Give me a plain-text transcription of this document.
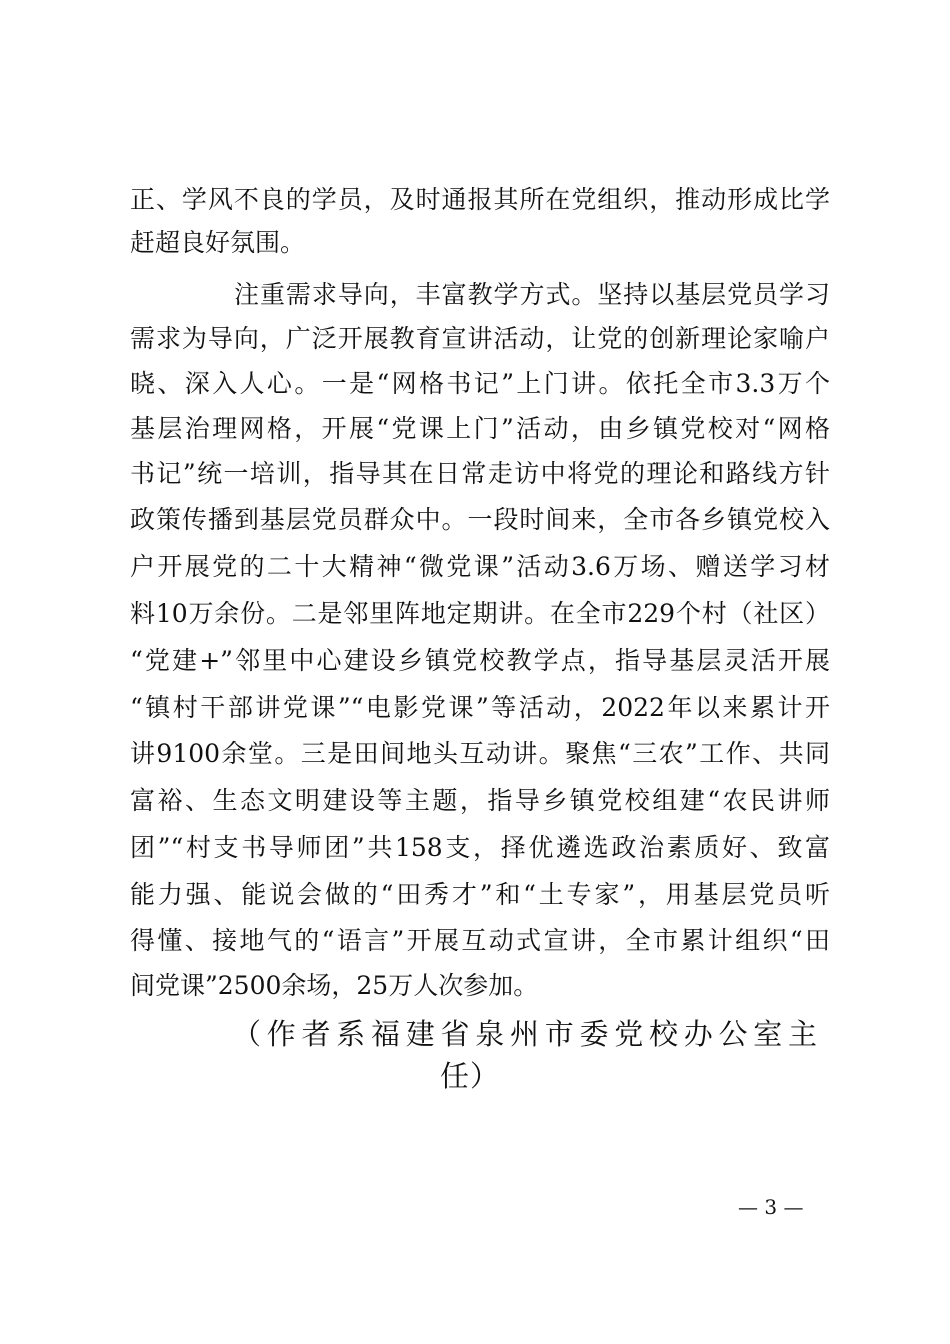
正、学风不良的学员，及时通报其所在党组织，推动形成比学

赶超良好氛围。

注重需求导向，丰富教学方式。坚持以基层党员学习

需求为导向，广泛开展教育宣讲活动，让党的创新理论家喻户

晓、深入人心。一是“网格书记”上门讲。依托全市3.3万个

基层治理网格，开展“党课上门”活动，由乡镇党校对“网格

书记”统一培训，指导其在日常走访中将党的理论和路线方针

政策传播到基层党员群众中。一段时间来，全市各乡镇党校入

户开展党的二十大精神“微党课”活动3.6万场、赠送学习材

料10万余份。二是邻里阵地定期讲。在全市229个村（社区）

“党建+”邻里中心建设乡镇党校教学点，指导基层灵活开展

“镇村干部讲党课”“电影党课”等活动，2022年以来累计开

讲9100余堂。三是田间地头互动讲。聚焦“三农”工作、共同

富裕、生态文明建设等主题，指导乡镇党校组建“农民讲师

团”“村支书导师团”共158支，择优遴选政治素质好、致富

能力强、能说会做的“田秀才”和“土专家”，用基层党员听

得懂、接地气的“语言”开展互动式宣讲，全市累计组织“田

间党课”2500余场，25万人次参加。

（作者系福建省泉州市委党校办公室主
任）
— 3 —
